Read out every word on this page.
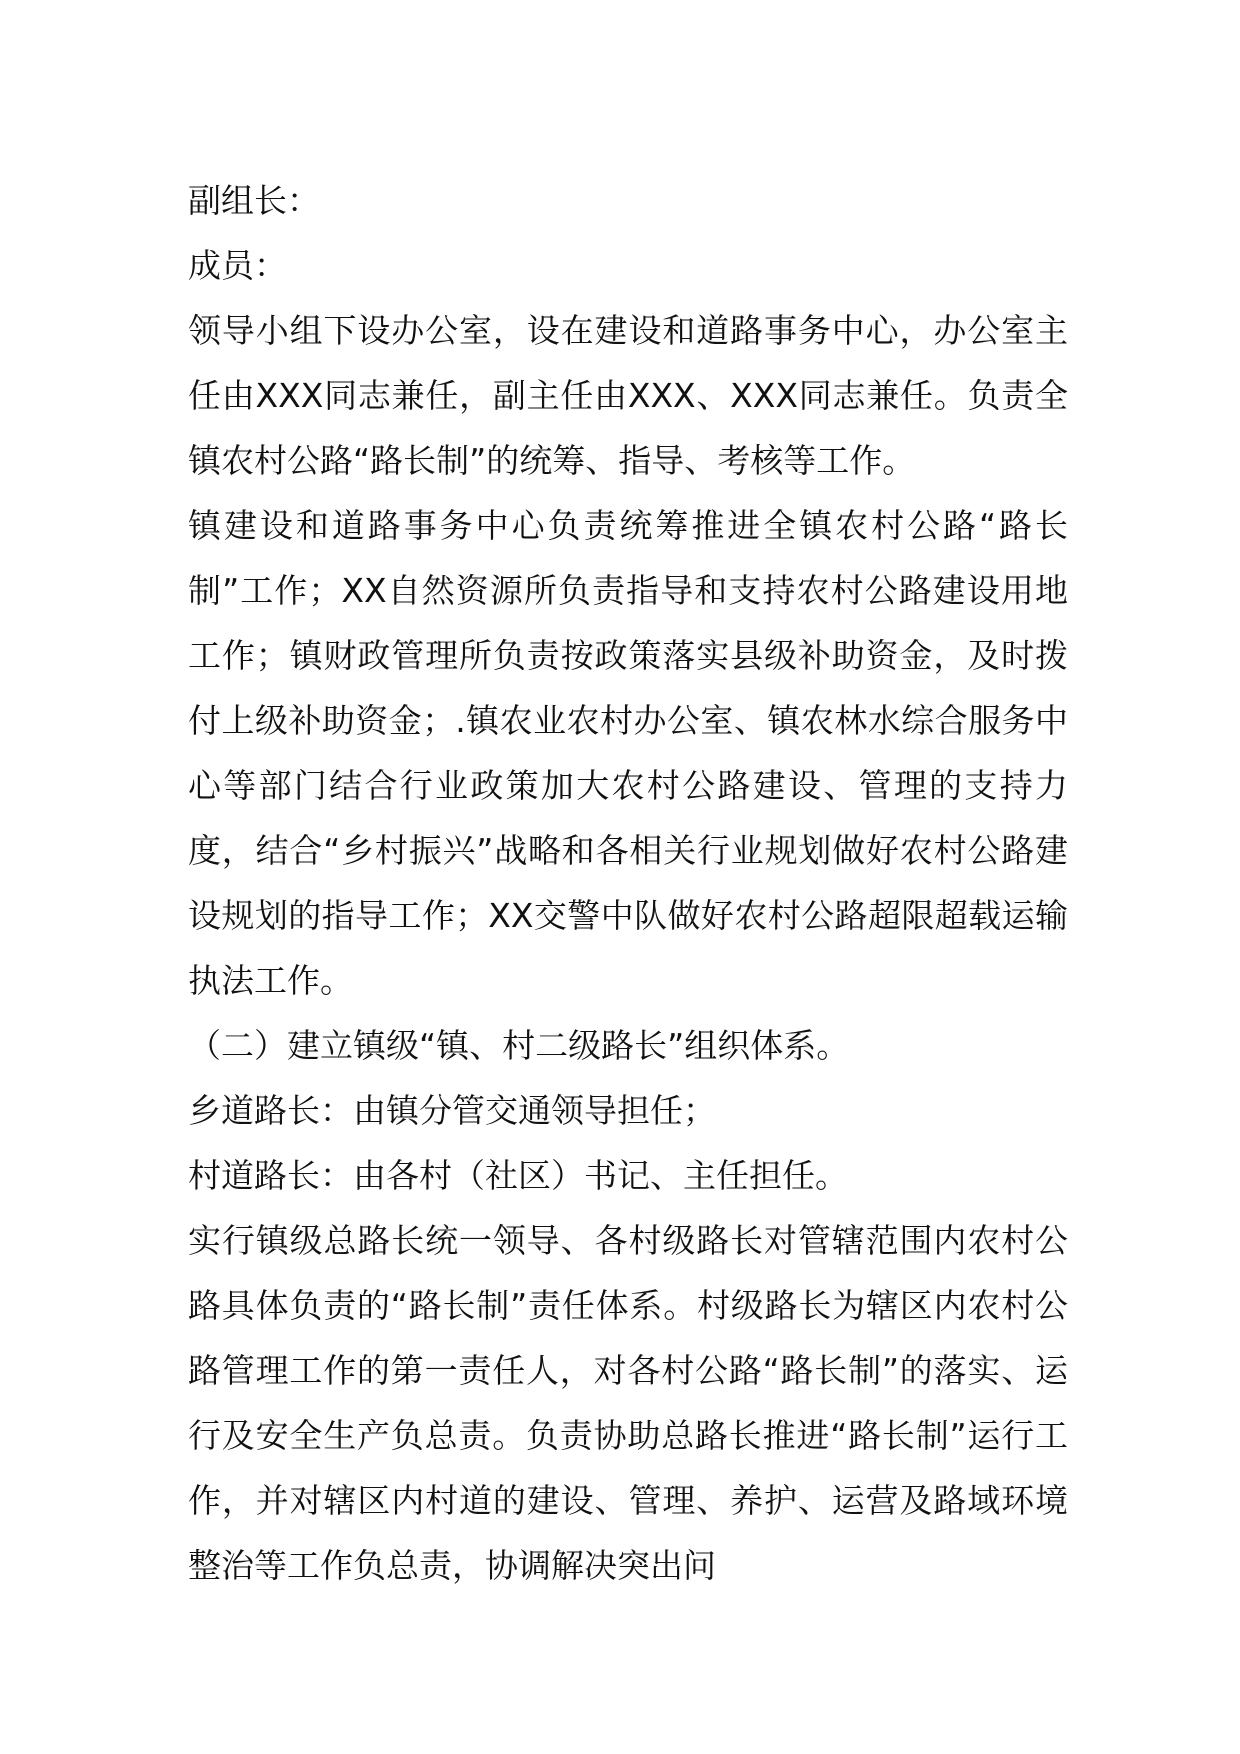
副组长：

成员：

领导小组下设办公室，设在建设和道路事务中心，办公室主任由XXX同志兼任，副主任由XXX、XXX同志兼任。负责全镇农村公路“路长制”的统筹、指导、考核等工作。

镇建设和道路事务中心负责统筹推进全镇农村公路“路长制”工作；XX自然资源所负责指导和支持农村公路建设用地工作；镇财政管理所负责按政策落实县级补助资金，及时拨付上级补助资金；.镇农业农村办公室、镇农林水综合服务中心等部门结合行业政策加大农村公路建设、管理的支持力度，结合“乡村振兴”战略和各相关行业规划做好农村公路建设规划的指导工作；XX交警中队做好农村公路超限超载运输执法工作。

（二）建立镇级“镇、村二级路长”组织体系。

乡道路长：由镇分管交通领导担任；

村道路长：由各村（社区）书记、主任担任。

实行镇级总路长统一领导、各村级路长对管辖范围内农村公路具体负责的“路长制”责任体系。村级路长为辖区内农村公路管理工作的第一责任人，对各村公路“路长制”的落实、运行及安全生产负总责。负责协助总路长推进“路长制”运行工作，并对辖区内村道的建设、管理、养护、运营及路域环境整治等工作负总责，协调解决突出问
